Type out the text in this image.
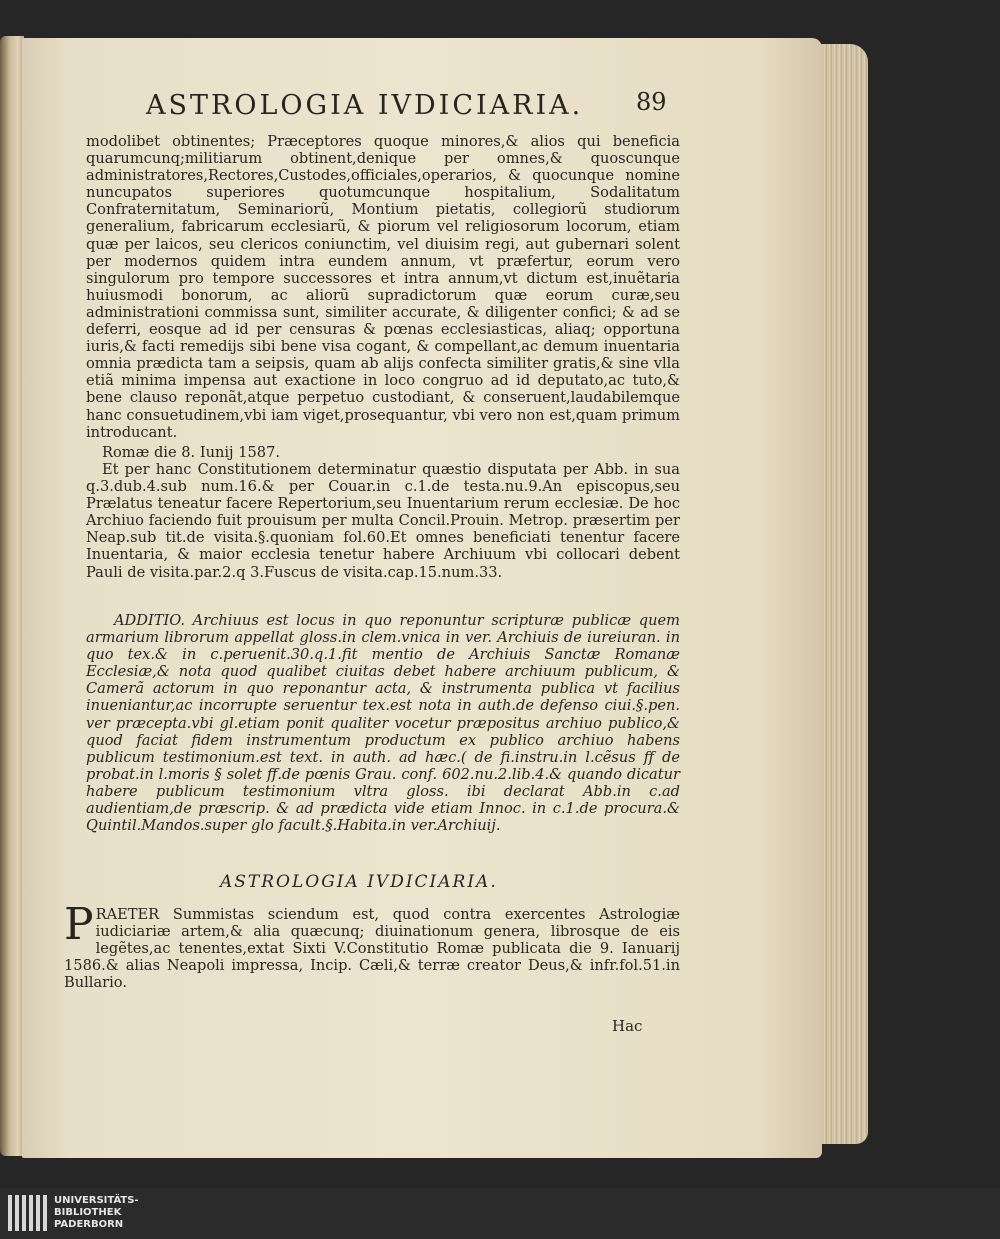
ASTROLOGIA IVDICIARIA.	89

modolibet obtinentes; Præceptores quoque minores,& alios qui beneficia quarumcunq;militiarum obtinent,denique per omnes,& quoscunque administratores,Rectores,Custodes,officiales,operarios, & quocunque nomine nuncupatos superiores quotumcunque hospitalium, Sodalitatum Confraternitatum, Seminariorũ, Montium pietatis, collegiorũ studiorum generalium, fabricarum ecclesiarũ, & piorum vel religiosorum locorum, etiam quæ per laicos, seu clericos coniunctim, vel diuisim regi, aut gubernari solent per modernos quidem intra eundem annum, vt præfertur, eorum vero singulorum pro tempore successores et intra annum,vt dictum est,inuẽtaria huiusmodi bonorum, ac aliorũ supradictorum quæ eorum curæ,seu administrationi commissa sunt, similiter accurate, & diligenter confici; & ad se deferri, eosque ad id per censuras & pœnas ecclesiasticas, aliaq; opportuna iuris,& facti remedijs sibi bene visa cogant, & compellant,ac demum inuentaria omnia prædicta tam a seipsis, quam ab alijs confecta similiter gratis,& sine vlla etiã minima impensa aut exactione in loco congruo ad id deputato,ac tuto,& bene clauso reponãt,atque perpetuo custodiant, & conseruent,laudabilemque hanc consuetudinem,vbi iam viget,prosequantur, vbi vero non est,quam primum introducant.

Romæ die 8. Iunij 1587.

Et per hanc Constitutionem determinatur quæstio disputata per Abb. in sua q.3.dub.4.sub num.16.& per Couar.in c.1.de testa.nu.9.An episcopus,seu Prælatus teneatur facere Repertorium,seu Inuentarium rerum ecclesiæ. De hoc Archiuo faciendo fuit prouisum per multa Concil.Prouin. Metrop. præsertim per Neap.sub tit.de visita.§.quoniam fol.60.Et omnes beneficiati tenentur facere Inuentaria, & maior ecclesia tenetur habere Archiuum vbi collocari debent Pauli de visita.par.2.q 3.Fuscus de visita.cap.15.num.33.

ADDITIO. Archiuus est locus in quo reponuntur scripturæ publicæ quem armarium librorum appellat gloss.in clem.vnica in ver. Archiuis de iureiuran. in quo tex.& in c.peruenit.30.q.1.fit mentio de Archiuis Sanctæ Romanæ Ecclesiæ,& nota quod qualibet ciuitas debet habere archiuum publicum, & Camerã actorum in quo reponantur acta, & instrumenta publica vt facilius inueniantur,ac incorrupte seruentur tex.est nota in auth.de defenso ciui.§.pen. ver præcepta.vbi gl.etiam ponit qualiter vocetur præpositus archiuo publico,& quod faciat fidem instrumentum productum ex publico archiuo habens publicum testimonium.est text. in auth. ad hæc.( de fi.instru.in l.cẽsus ff de probat.in l.moris § solet ff.de pœnis Grau. conf. 602.nu.2.lib.4.& quando dicatur habere publicum testimonium vltra gloss. ibi declarat Abb.in c.ad audientiam,de præscrip. & ad prædicta vide etiam Innoc. in c.1.de procura.& Quintil.Mandos.super glo facult.§.Habita.in ver.Archiuij.

ASTROLOGIA IVDICIARIA.

PRAETER Summistas sciendum est, quod contra exercentes Astrologiæ iudiciariæ artem,& alia quæcunq; diuinationum genera, librosque de eis legẽtes,ac tenentes,extat Sixti V.Constitutio Romæ publicata die 9. Ianuarij 1586.& alias Neapoli impressa, Incip. Cæli,& terræ creator Deus,& infr.fol.51.in Bullario.

Hac
UNIVERSITÄTS-
BIBLIOTHEK
PADERBORN
